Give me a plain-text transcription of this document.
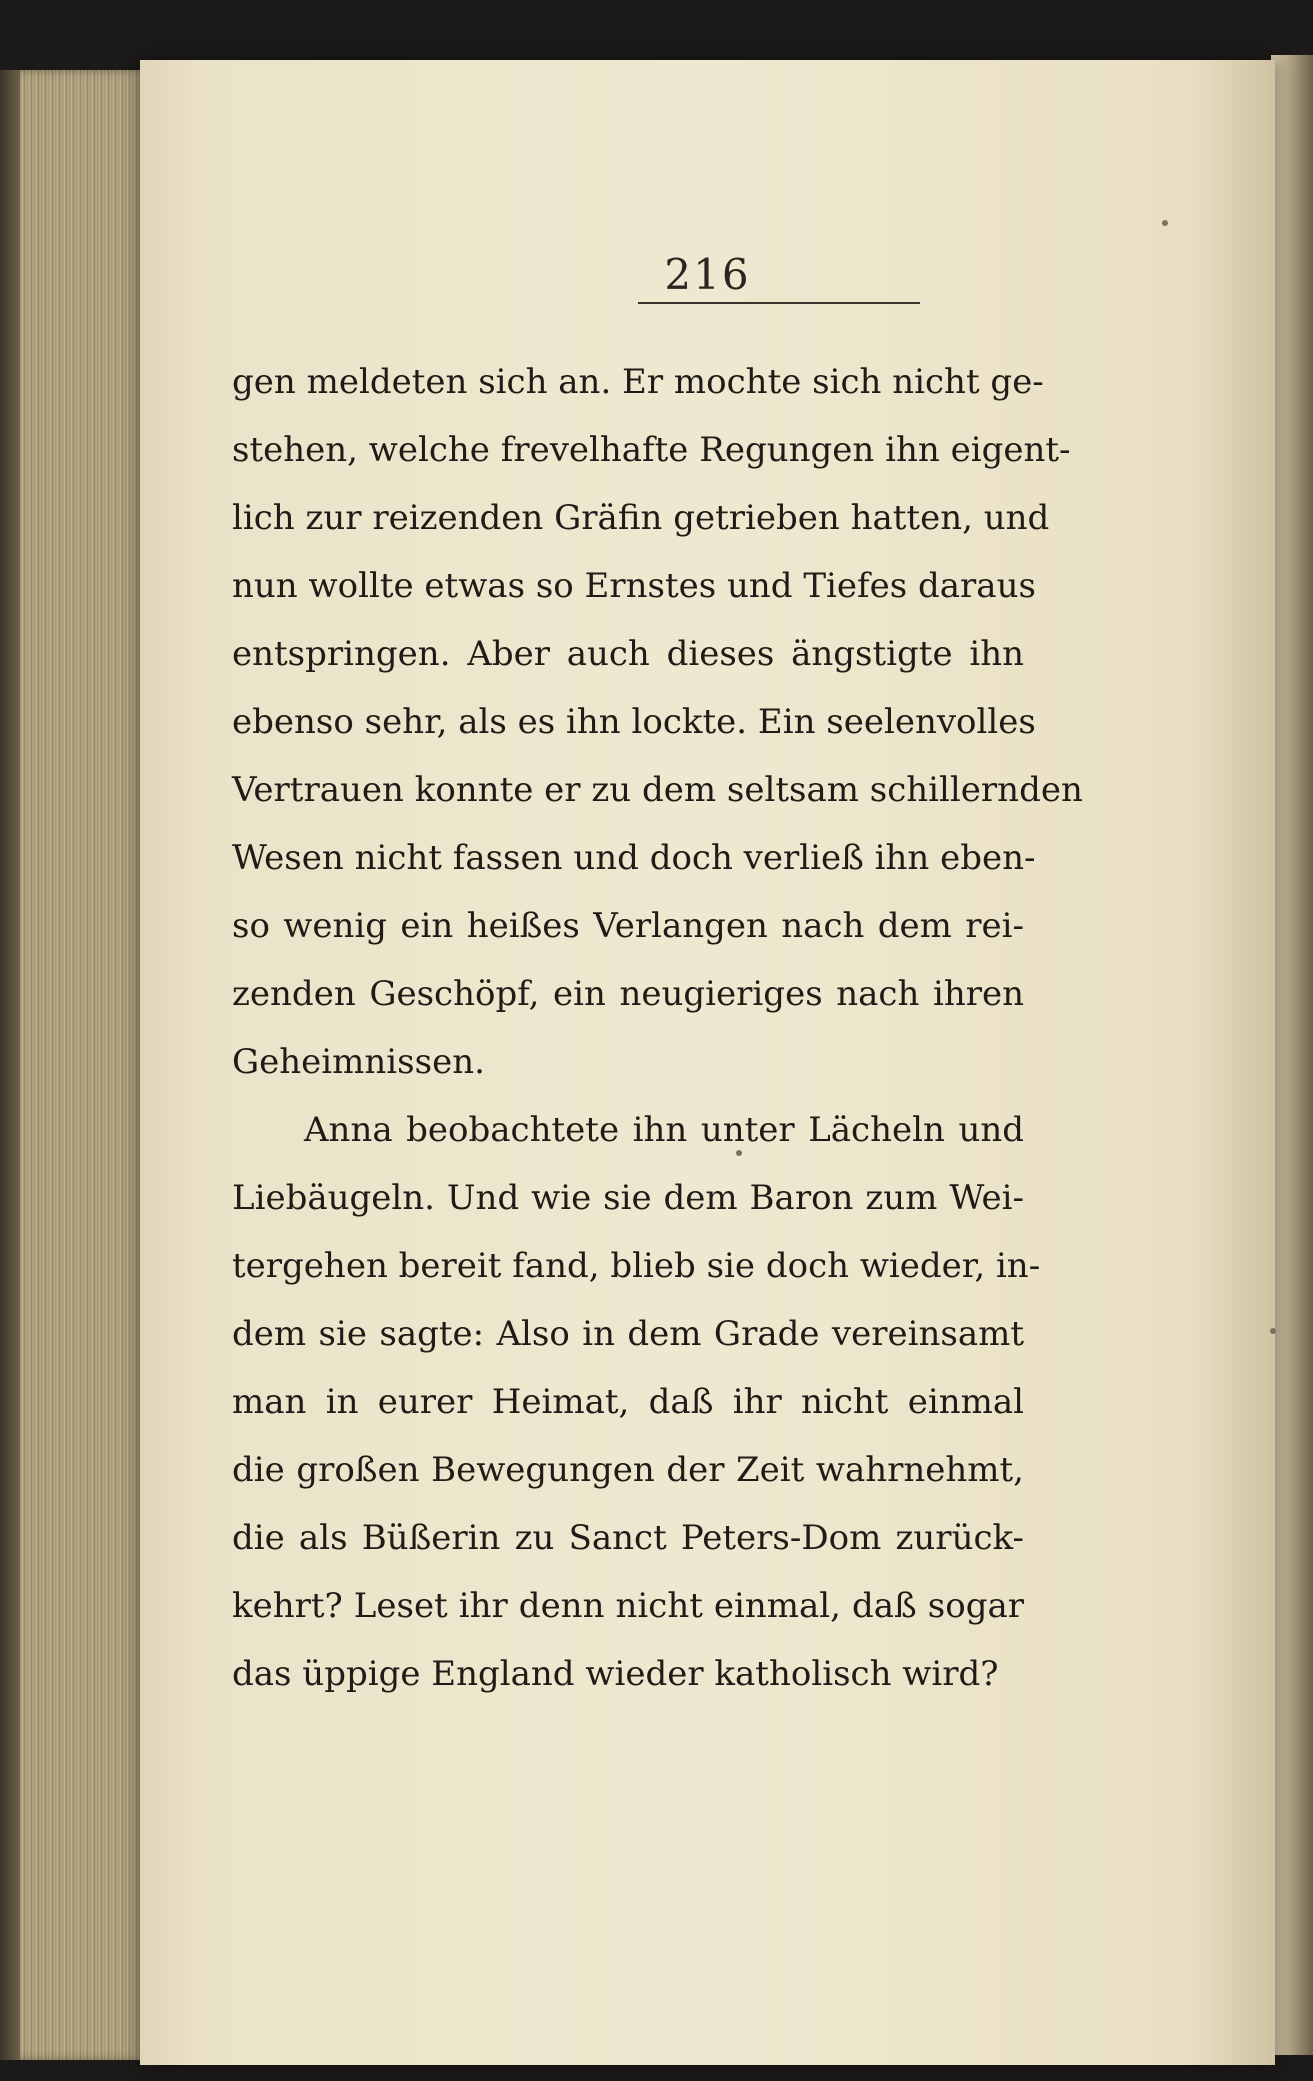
216
gen meldeten sich an. Er mochte sich nicht ge-
stehen, welche frevelhafte Regungen ihn eigent-
lich zur reizenden Gräfin getrieben hatten, und
nun wollte etwas so Ernstes und Tiefes daraus
entspringen. Aber auch dieses ängstigte ihn
ebenso sehr, als es ihn lockte. Ein seelenvolles
Vertrauen konnte er zu dem seltsam schillernden
Wesen nicht fassen und doch verließ ihn eben-
so wenig ein heißes Verlangen nach dem rei-
zenden Geschöpf, ein neugieriges nach ihren
Geheimnissen.
Anna beobachtete ihn unter Lächeln und
Liebäugeln. Und wie sie dem Baron zum Wei-
tergehen bereit fand, blieb sie doch wieder, in-
dem sie sagte: Also in dem Grade vereinsamt
man in eurer Heimat, daß ihr nicht einmal
die großen Bewegungen der Zeit wahrnehmt,
die als Büßerin zu Sanct Peters-Dom zurück-
kehrt? Leset ihr denn nicht einmal, daß sogar
das üppige England wieder katholisch wird?
